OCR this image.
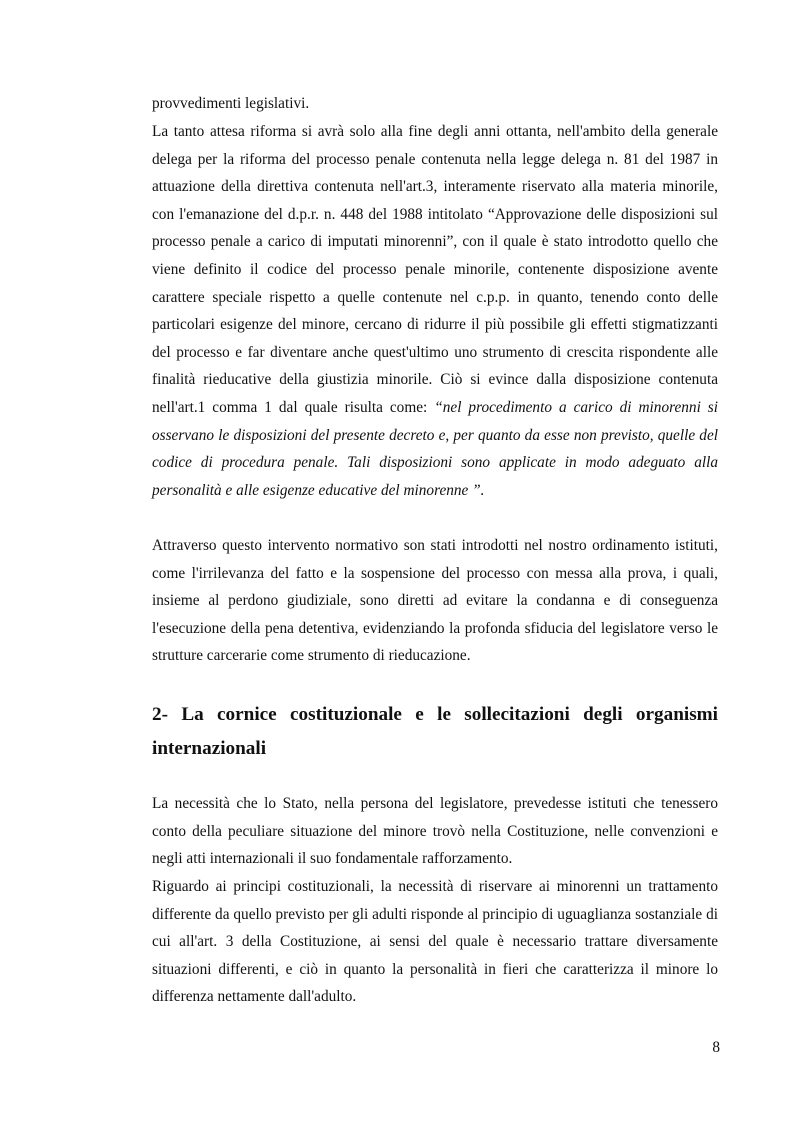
provvedimenti legislativi.

La tanto attesa riforma si avrà solo alla fine degli anni ottanta, nell'ambito della generale delega per la riforma del processo penale contenuta nella legge delega n. 81 del 1987 in attuazione della direttiva contenuta nell'art.3, interamente riservato alla materia minorile, con l'emanazione del d.p.r. n. 448 del 1988 intitolato “Approvazione delle disposizioni sul processo penale a carico di imputati minorenni”, con il quale è stato introdotto quello che viene definito il codice del processo penale minorile, contenente disposizione avente carattere speciale rispetto a quelle contenute nel c.p.p. in quanto, tenendo conto delle particolari esigenze del minore, cercano di ridurre il più possibile gli effetti stigmatizzanti del processo e far diventare anche quest'ultimo uno strumento di crescita rispondente alle finalità rieducative della giustizia minorile. Ciò si evince dalla disposizione contenuta nell'art.1 comma 1 dal quale risulta come: “nel procedimento a carico di minorenni si osservano le disposizioni del presente decreto e, per quanto da esse non previsto, quelle del codice di procedura penale. Tali disposizioni sono applicate in modo adeguato alla personalità e alle esigenze educative del minorenne ”.

Attraverso questo intervento normativo son stati introdotti nel nostro ordinamento istituti, come l'irrilevanza del fatto e la sospensione del processo con messa alla prova, i quali, insieme al perdono giudiziale, sono diretti ad evitare la condanna e di conseguenza l'esecuzione della pena detentiva, evidenziando la profonda sfiducia del legislatore verso le strutture carcerarie come strumento di rieducazione.

2- La cornice costituzionale e le sollecitazioni degli organismi internazionali

La necessità che lo Stato, nella persona del legislatore, prevedesse istituti che tenessero conto della peculiare situazione del minore trovò nella Costituzione, nelle convenzioni e negli atti internazionali il suo fondamentale rafforzamento.

Riguardo ai principi costituzionali, la necessità di riservare ai minorenni un trattamento differente da quello previsto per gli adulti risponde al principio di uguaglianza sostanziale di cui all'art. 3 della Costituzione, ai sensi del quale è necessario trattare diversamente situazioni differenti, e ciò in quanto la personalità in fieri che caratterizza il minore lo differenza nettamente dall'adulto.

8
